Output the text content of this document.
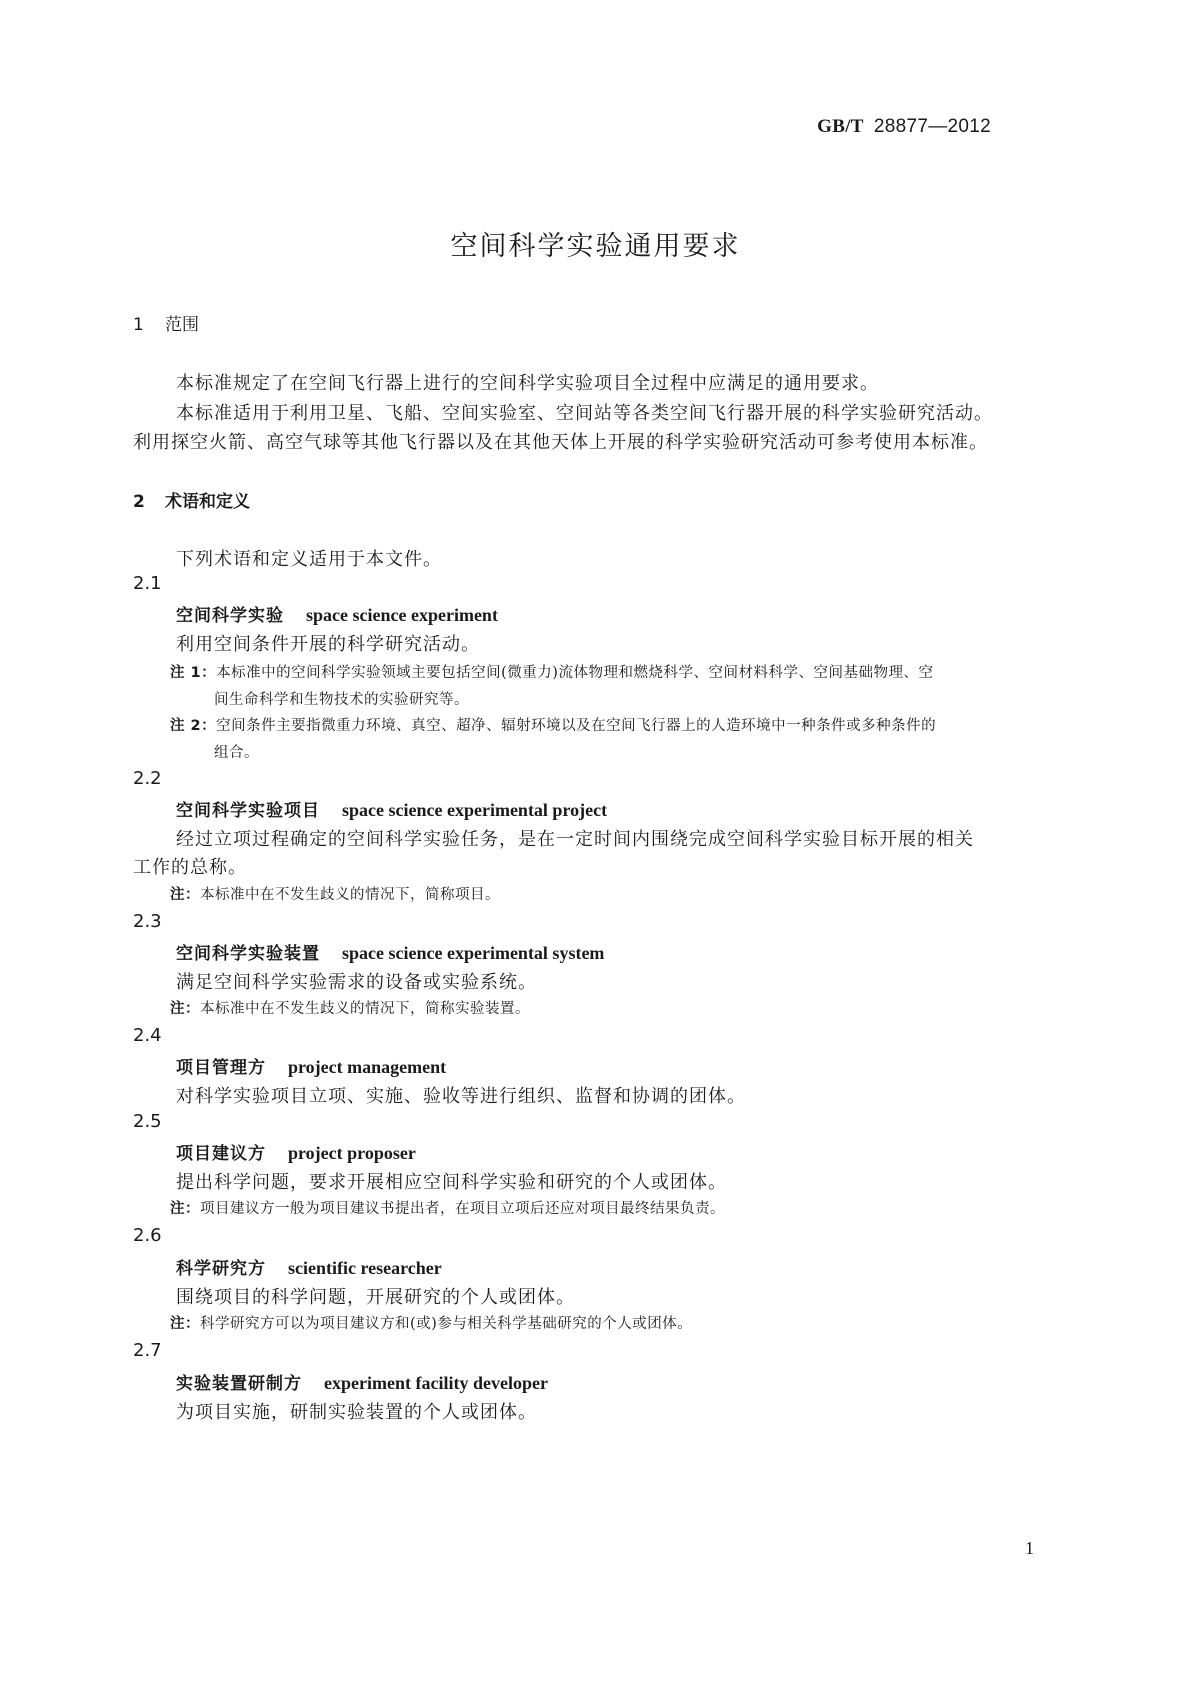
GB/T 28877—2012
空间科学实验通用要求
1 范围
本标准规定了在空间飞行器上进行的空间科学实验项目全过程中应满足的通用要求。
本标准适用于利用卫星、飞船、空间实验室、空间站等各类空间飞行器开展的科学实验研究活动。
利用探空火箭、高空气球等其他飞行器以及在其他天体上开展的科学实验研究活动可参考使用本标准。
2 术语和定义
下列术语和定义适用于本文件。
2.1
空间科学实验 space science experiment
利用空间条件开展的科学研究活动。
注 1：本标准中的空间科学实验领域主要包括空间(微重力)流体物理和燃烧科学、空间材料科学、空间基础物理、空
间生命科学和生物技术的实验研究等。
注 2：空间条件主要指微重力环境、真空、超净、辐射环境以及在空间飞行器上的人造环境中一种条件或多种条件的
组合。
2.2
空间科学实验项目 space science experimental project
经过立项过程确定的空间科学实验任务，是在一定时间内围绕完成空间科学实验目标开展的相关
工作的总称。
注：本标准中在不发生歧义的情况下，简称项目。
2.3
空间科学实验装置 space science experimental system
满足空间科学实验需求的设备或实验系统。
注：本标准中在不发生歧义的情况下，简称实验装置。
2.4
项目管理方 project management
对科学实验项目立项、实施、验收等进行组织、监督和协调的团体。
2.5
项目建议方 project proposer
提出科学问题，要求开展相应空间科学实验和研究的个人或团体。
注：项目建议方一般为项目建议书提出者，在项目立项后还应对项目最终结果负责。
2.6
科学研究方 scientific researcher
围绕项目的科学问题，开展研究的个人或团体。
注：科学研究方可以为项目建议方和(或)参与相关科学基础研究的个人或团体。
2.7
实验装置研制方 experiment facility developer
为项目实施，研制实验装置的个人或团体。
1
